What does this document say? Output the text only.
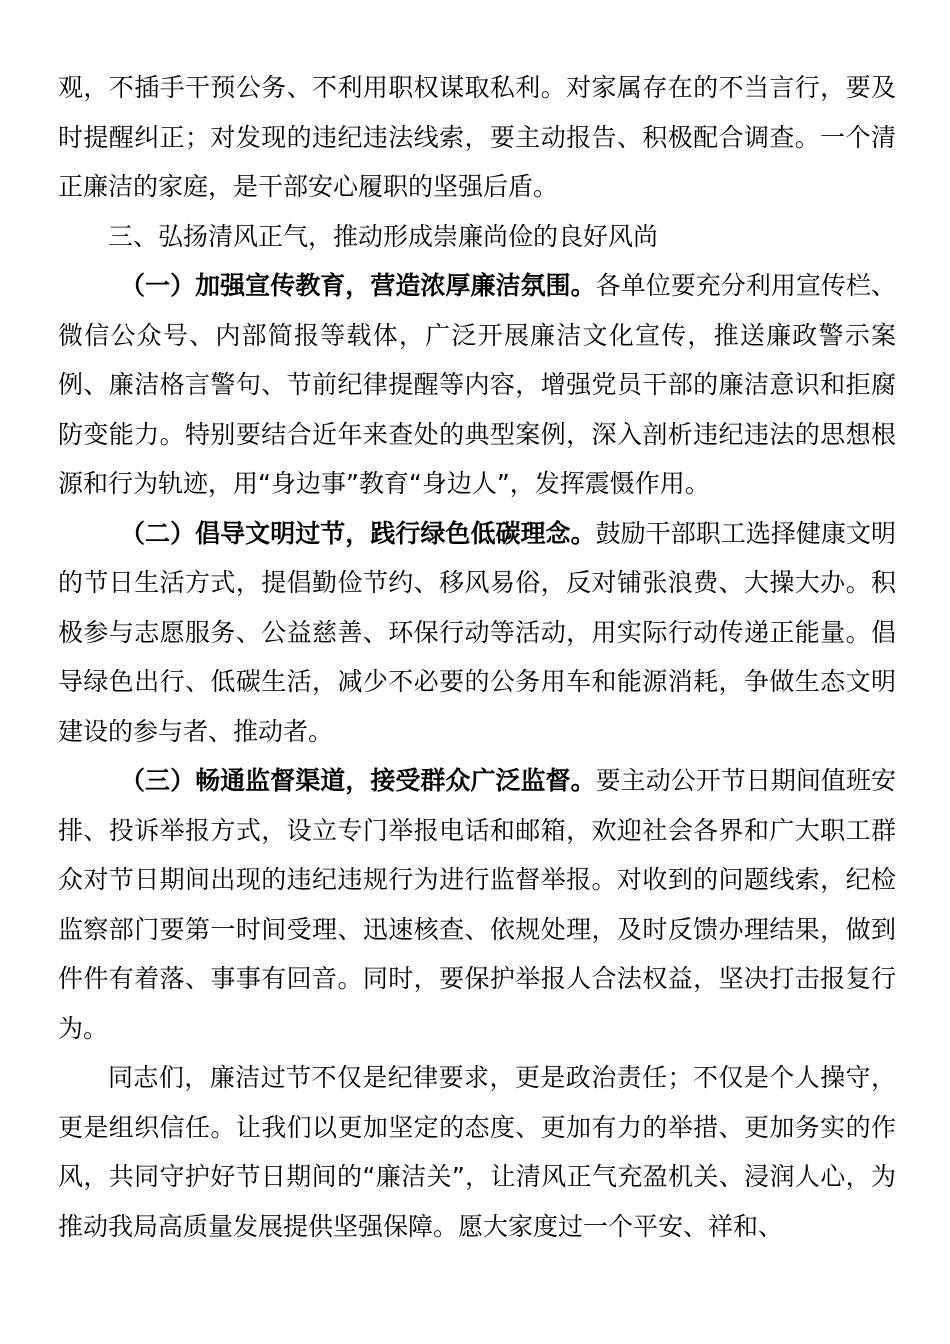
观，不插手干预公务、不利用职权谋取私利。对家属存在的不当言行，要及时提醒纠正；对发现的违纪违法线索，要主动报告、积极配合调查。一个清正廉洁的家庭，是干部安心履职的坚强后盾。

三、弘扬清风正气，推动形成崇廉尚俭的良好风尚

（一）加强宣传教育，营造浓厚廉洁氛围。各单位要充分利用宣传栏、微信公众号、内部简报等载体，广泛开展廉洁文化宣传，推送廉政警示案例、廉洁格言警句、节前纪律提醒等内容，增强党员干部的廉洁意识和拒腐防变能力。特别要结合近年来查处的典型案例，深入剖析违纪违法的思想根源和行为轨迹，用“身边事”教育“身边人”，发挥震慑作用。

（二）倡导文明过节，践行绿色低碳理念。鼓励干部职工选择健康文明的节日生活方式，提倡勤俭节约、移风易俗，反对铺张浪费、大操大办。积极参与志愿服务、公益慈善、环保行动等活动，用实际行动传递正能量。倡导绿色出行、低碳生活，减少不必要的公务用车和能源消耗，争做生态文明建设的参与者、推动者。

（三）畅通监督渠道，接受群众广泛监督。要主动公开节日期间值班安排、投诉举报方式，设立专门举报电话和邮箱，欢迎社会各界和广大职工群众对节日期间出现的违纪违规行为进行监督举报。对收到的问题线索，纪检监察部门要第一时间受理、迅速核查、依规处理，及时反馈办理结果，做到件件有着落、事事有回音。同时，要保护举报人合法权益，坚决打击报复行为。

同志们，廉洁过节不仅是纪律要求，更是政治责任；不仅是个人操守，更是组织信任。让我们以更加坚定的态度、更加有力的举措、更加务实的作风，共同守护好节日期间的“廉洁关”，让清风正气充盈机关、浸润人心，为推动我局高质量发展提供坚强保障。愿大家度过一个平安、祥和、
